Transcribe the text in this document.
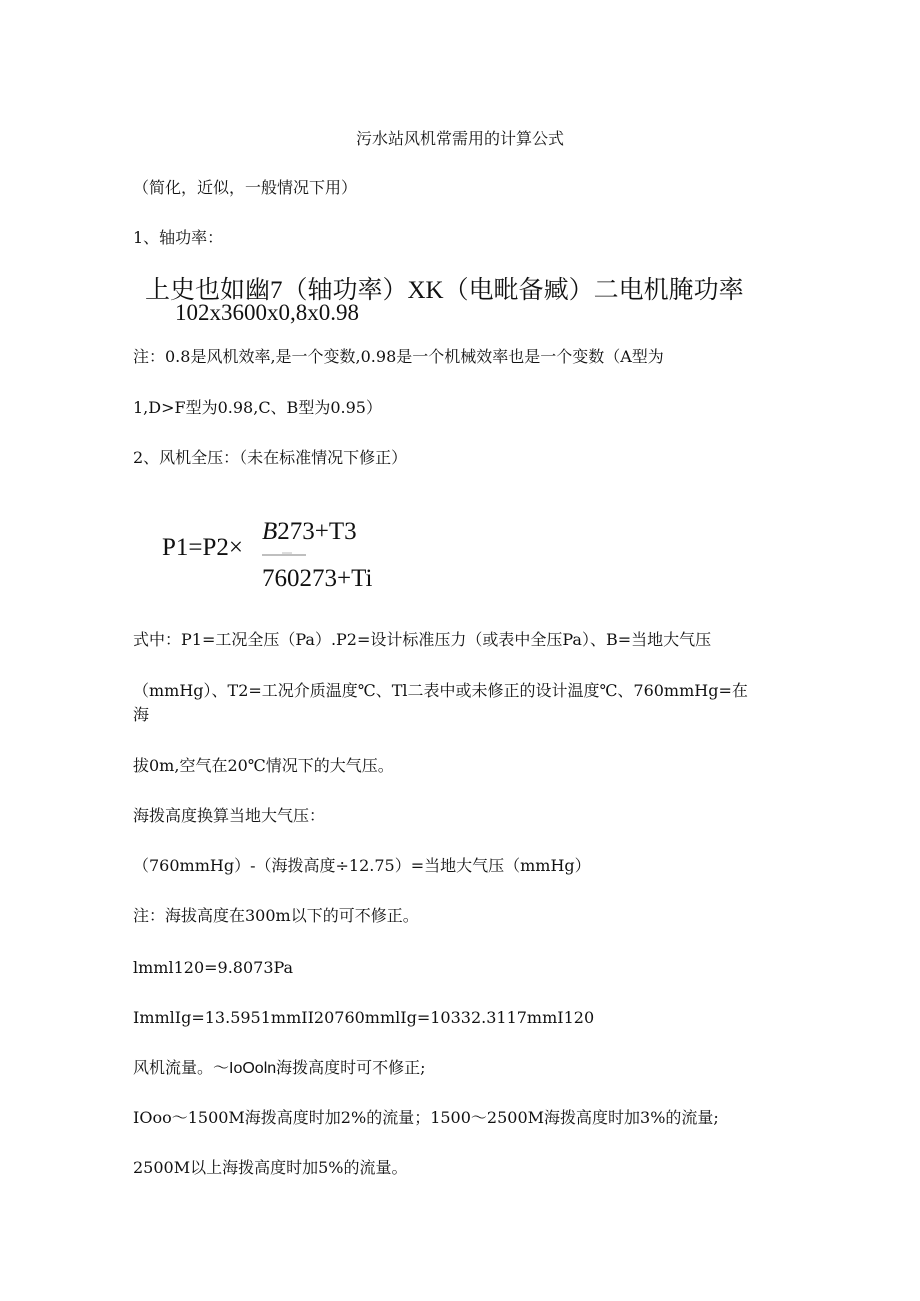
污水站风机常需用的计算公式
（简化，近似，一般情况下用）
1、轴功率：
上史也如幽7（轴功率）XK（电毗备臧）二电机腌功率
102x3600x0,8x0.98
注：0.8是风机效率,是一个变数,0.98是一个机械效率也是一个变数（A型为
1,D>F型为0.98,C、B型为0.95）
2、风机全压：（未在标准情况下修正）
P1=P2×
B273+T3
760273+Ti
式中：P1=工况全压（Pa）.P2=设计标准压力（或表中全压Pa）、B=当地大气压
（mmHg）、T2=工况介质温度℃、Tl二表中或未修正的设计温度℃、760mmHg=在
海
拔0m,空气在20℃情况下的大气压。
海拨高度换算当地大气压：
（760mmHg）-（海拨高度÷12.75）=当地大气压（mmHg）
注：海拔高度在300m以下的可不修正。
lmml120=9.8073Pa
ImmlIg=13.5951mmII20760mmlIg=10332.3117mmI120
风机流量。～IoOoln海拨高度时可不修正;
IOoo～1500M海拨高度时加2%的流量；1500～2500M海拨高度时加3%的流量;
2500M以上海拨高度时加5%的流量。
